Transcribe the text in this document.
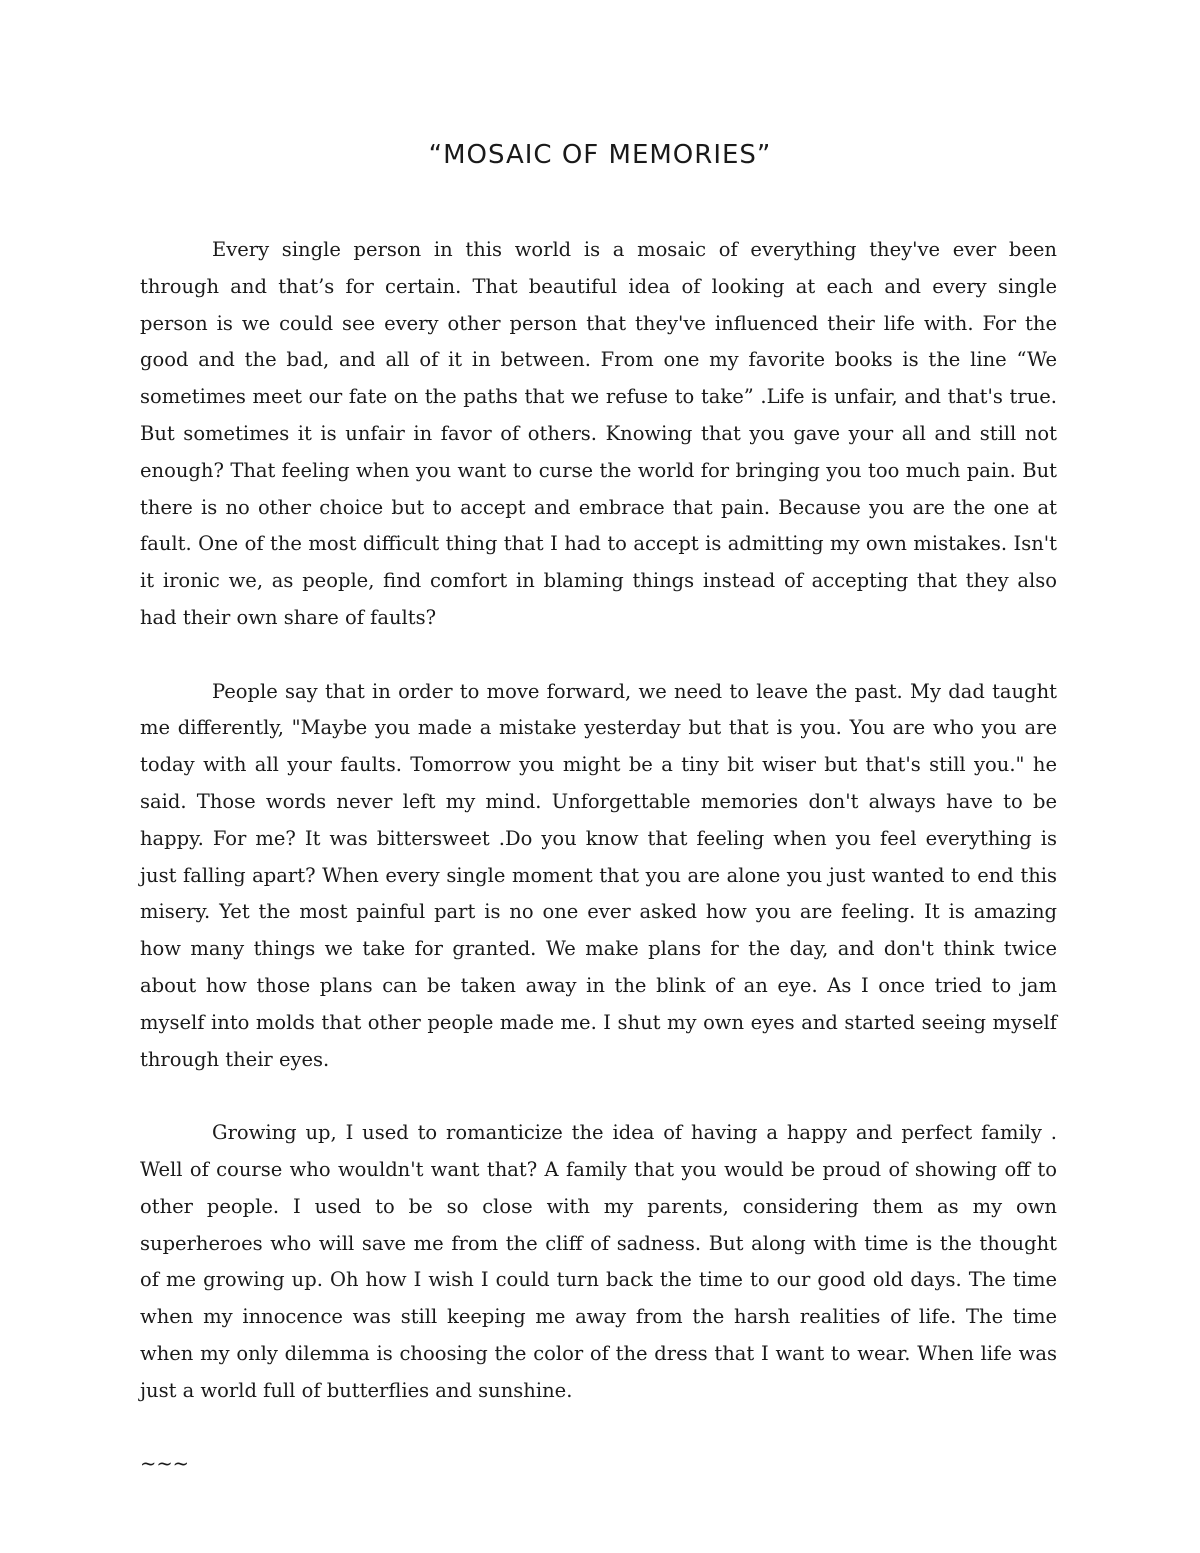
“MOSAIC OF MEMORIES”

Every single person in this world is a mosaic of everything they've ever been through and that’s for certain. That beautiful idea of looking at each and every single person is we could see every other person that they've influenced their life with. For the good and the bad, and all of it in between. From one my favorite books is the line “We sometimes meet our fate on the paths that we refuse to take” .Life is unfair, and that's true. But sometimes it is unfair in favor of others. Knowing that you gave your all and still not enough? That feeling when you want to curse the world for bringing you too much pain. But there is no other choice but to accept and embrace that pain. Because you are the one at fault. One of the most difficult thing that I had to accept is admitting my own mistakes. Isn't it ironic we, as people, find comfort in blaming things instead of accepting that they also had their own share of faults?

People say that in order to move forward, we need to leave the past. My dad taught me differently, "Maybe you made a mistake yesterday but that is you. You are who you are today with all your faults. Tomorrow you might be a tiny bit wiser but that's still you." he said. Those words never left my mind. Unforgettable memories don't always have to be happy. For me? It was bittersweet .Do you know that feeling when you feel everything is just falling apart? When every single moment that you are alone you just wanted to end this misery. Yet the most painful part is no one ever asked how you are feeling. It is amazing how many things we take for granted. We make plans for the day, and don't think twice about how those plans can be taken away in the blink of an eye. As I once tried to jam myself into molds that other people made me. I shut my own eyes and started seeing myself through their eyes.

Growing up, I used to romanticize the idea of having a happy and perfect family . Well of course who wouldn't want that? A family that you would be proud of showing off to other people. I used to be so close with my parents, considering them as my own superheroes who will save me from the cliff of sadness. But along with time is the thought of me growing up. Oh how I wish I could turn back the time to our good old days. The time when my innocence was still keeping me away from the harsh realities of life. The time when my only dilemma is choosing the color of the dress that I want to wear. When life was just a world full of butterflies and sunshine.

~~~
